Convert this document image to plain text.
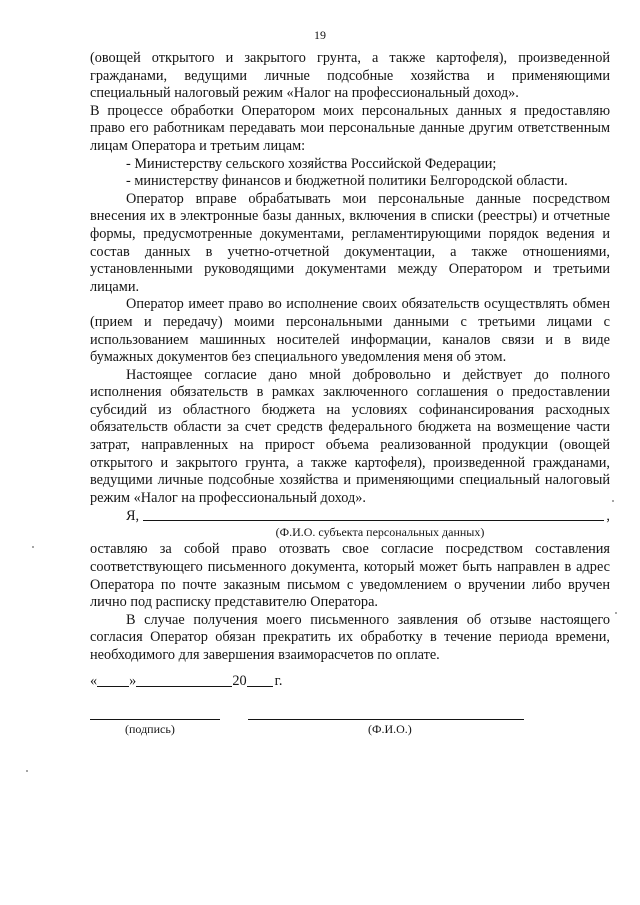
19

(овощей открытого и закрытого грунта, а также картофеля), произведенной гражданами, ведущими личные подсобные хозяйства и применяющими специальный налоговый режим «Налог на профессиональный доход».

В процессе обработки Оператором моих персональных данных я предоставляю право его работникам передавать мои персональные данные другим ответственным лицам Оператора и третьим лицам:

- Министерству сельского хозяйства Российской Федерации;

- министерству финансов и бюджетной политики Белгородской области.

Оператор вправе обрабатывать мои персональные данные посредством внесения их в электронные базы данных, включения в списки (реестры) и отчетные формы, предусмотренные документами, регламентирующими порядок ведения и состав данных в учетно-отчетной документации, а также отношениями, установленными руководящими документами между Оператором и третьими лицами.

Оператор имеет право во исполнение своих обязательств осуществлять обмен (прием и передачу) моими персональными данными с третьими лицами с использованием машинных носителей информации, каналов связи и в виде бумажных документов без специального уведомления меня об этом.

Настоящее согласие дано мной добровольно и действует до полного исполнения обязательств в рамках заключенного соглашения о предоставлении субсидий из областного бюджета на условиях софинансирования расходных обязательств области за счет средств федерального бюджета на возмещение части затрат, направленных на прирост объема реализованной продукции (овощей открытого и закрытого грунта, а также картофеля), произведенной гражданами, ведущими личные подсобные хозяйства и применяющими специальный налоговый режим «Налог на профессиональный доход».

Я,	,
(Ф.И.О. субъекта персональных данных)

оставляю за собой право отозвать свое согласие посредством составления соответствующего письменного документа, который может быть направлен в адрес Оператора по почте заказным письмом с уведомлением о вручении либо вручен лично под расписку представителю Оператора.

В случае получения моего письменного заявления об отзыве настоящего согласия Оператор обязан прекратить их обработку в течение периода времени, необходимого для завершения взаиморасчетов по оплате.

« »	20 г.
(подпись)	(Ф.И.О.)
